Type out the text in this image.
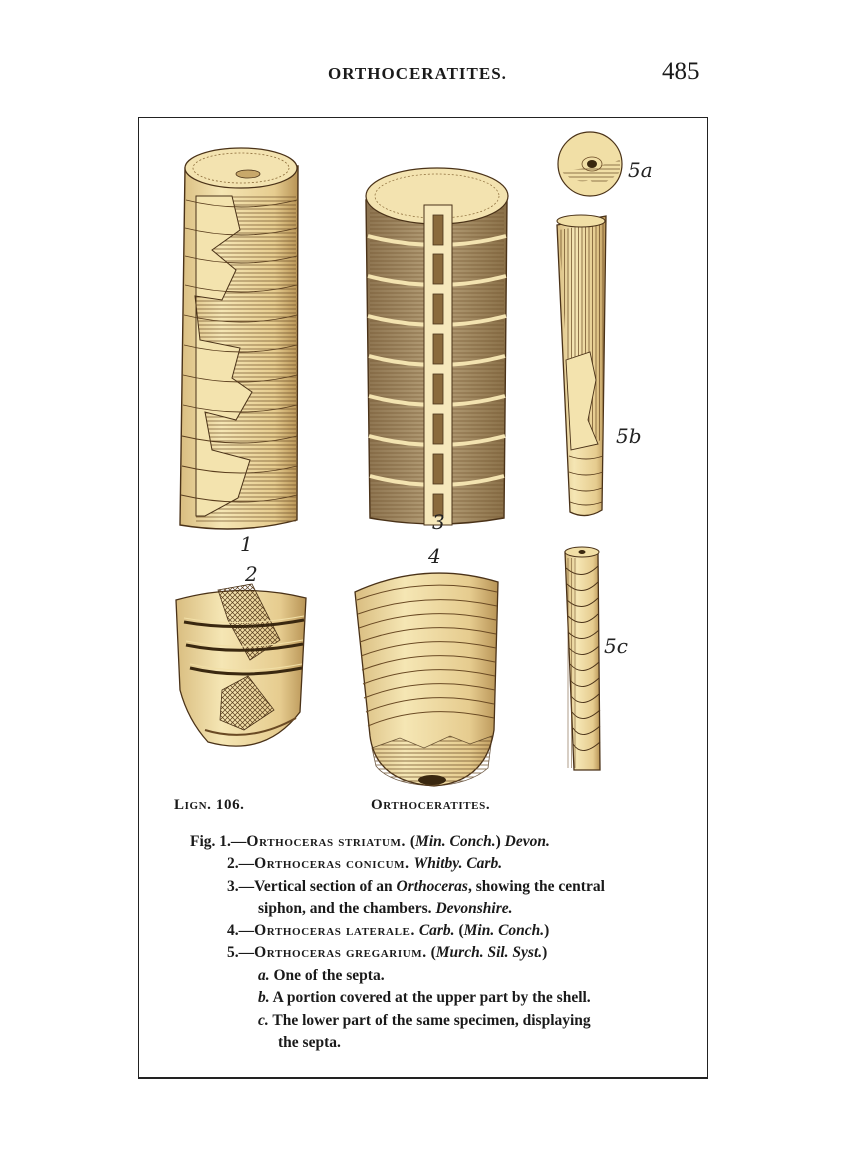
ORTHOCERATITES.	485
1
2
3
4
5a
5b
5c
Lign. 106.	Orthoceratites.
Fig. 1.—Orthoceras striatum. (Min. Conch.) Devon.
2.—Orthoceras conicum. Whitby. Carb.
3.—Vertical section of an Orthoceras, showing the central
siphon, and the chambers. Devonshire.
4.—Orthoceras laterale. Carb. (Min. Conch.)
5.—Orthoceras gregarium. (Murch. Sil. Syst.)
a. One of the septa.
b. A portion covered at the upper part by the shell.
c. The lower part of the same specimen, displaying
the septa.
